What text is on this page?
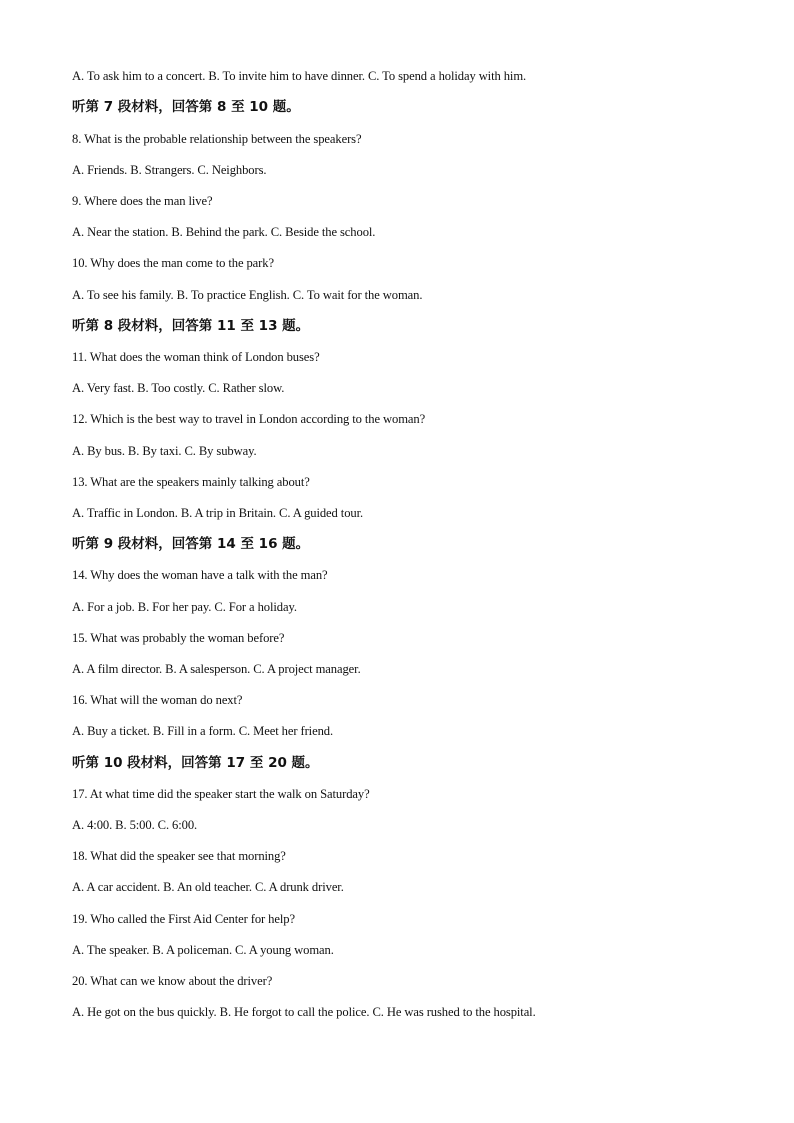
A. To ask him to a concert. B. To invite him to have dinner. C. To spend a holiday with him.
听第 7 段材料，回答第 8 至 10 题。
8. What is the probable relationship between the speakers?
A. Friends. B. Strangers. C. Neighbors.
9. Where does the man live?
A. Near the station. B. Behind the park. C. Beside the school.
10. Why does the man come to the park?
A. To see his family. B. To practice English. C. To wait for the woman.
听第 8 段材料，回答第 11 至 13 题。
11. What does the woman think of London buses?
A. Very fast. B. Too costly. C. Rather slow.
12. Which is the best way to travel in London according to the woman?
A. By bus. B. By taxi. C. By subway.
13. What are the speakers mainly talking about?
A. Traffic in London. B. A trip in Britain. C. A guided tour.
听第 9 段材料，回答第 14 至 16 题。
14. Why does the woman have a talk with the man?
A. For a job. B. For her pay. C. For a holiday.
15. What was probably the woman before?
A. A film director. B. A salesperson. C. A project manager.
16. What will the woman do next?
A. Buy a ticket. B. Fill in a form. C. Meet her friend.
听第 10 段材料，回答第 17 至 20 题。
17. At what time did the speaker start the walk on Saturday?
A. 4:00. B. 5:00. C. 6:00.
18. What did the speaker see that morning?
A. A car accident. B. An old teacher. C. A drunk driver.
19. Who called the First Aid Center for help?
A. The speaker. B. A policeman. C. A young woman.
20. What can we know about the driver?
A. He got on the bus quickly. B. He forgot to call the police. C. He was rushed to the hospital.
